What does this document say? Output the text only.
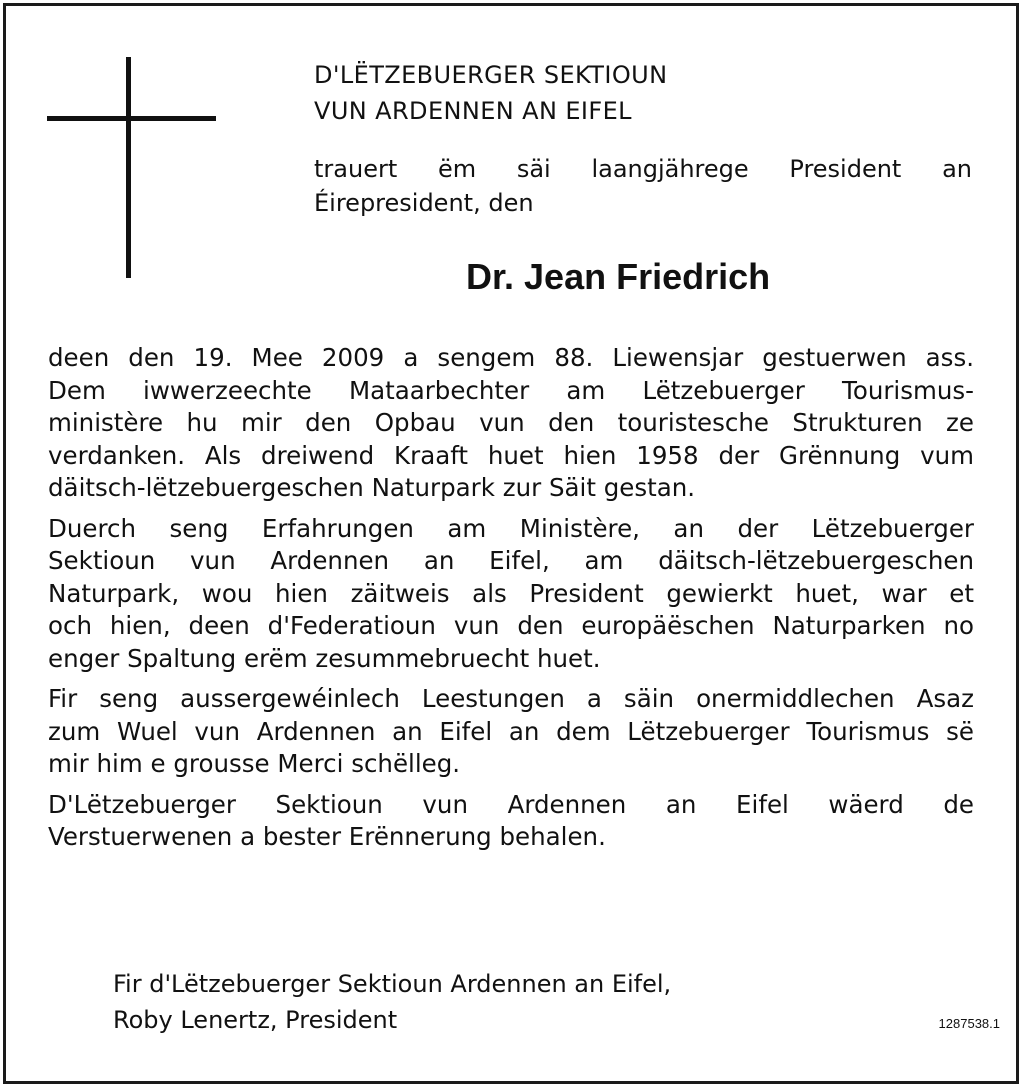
D'LËTZEBUERGER SEKTIOUN
VUN ARDENNEN AN EIFEL
trauert ëm säi laangjährege President an
Éirepresident, den
Dr. Jean Friedrich
deen den 19. Mee 2009 a sengem 88. Liewensjar gestuerwen ass.
Dem iwwerzeechte Mataarbechter am Lëtzebuerger Tourismus-
ministère hu mir den Opbau vun den touristesche Strukturen ze
verdanken. Als dreiwend Kraaft huet hien 1958 der Grënnung vum
däitsch-lëtzebuergeschen Naturpark zur Säit gestan.
Duerch seng Erfahrungen am Ministère, an der Lëtzebuerger
Sektioun vun Ardennen an Eifel, am däitsch-lëtzebuergeschen
Naturpark, wou hien zäitweis als President gewierkt huet, war et
och hien, deen d'Federatioun vun den europäëschen Naturparken no
enger Spaltung erëm zesummebruecht huet.
Fir seng aussergewéinlech Leestungen a säin onermiddlechen Asaz
zum Wuel vun Ardennen an Eifel an dem Lëtzebuerger Tourismus së
mir him e grousse Merci schëlleg.
D'Lëtzebuerger Sektioun vun Ardennen an Eifel wäerd de
Verstuerwenen a bester Erënnerung behalen.
Fir d'Lëtzebuerger Sektioun Ardennen an Eifel,
Roby Lenertz, President	1287538.1
